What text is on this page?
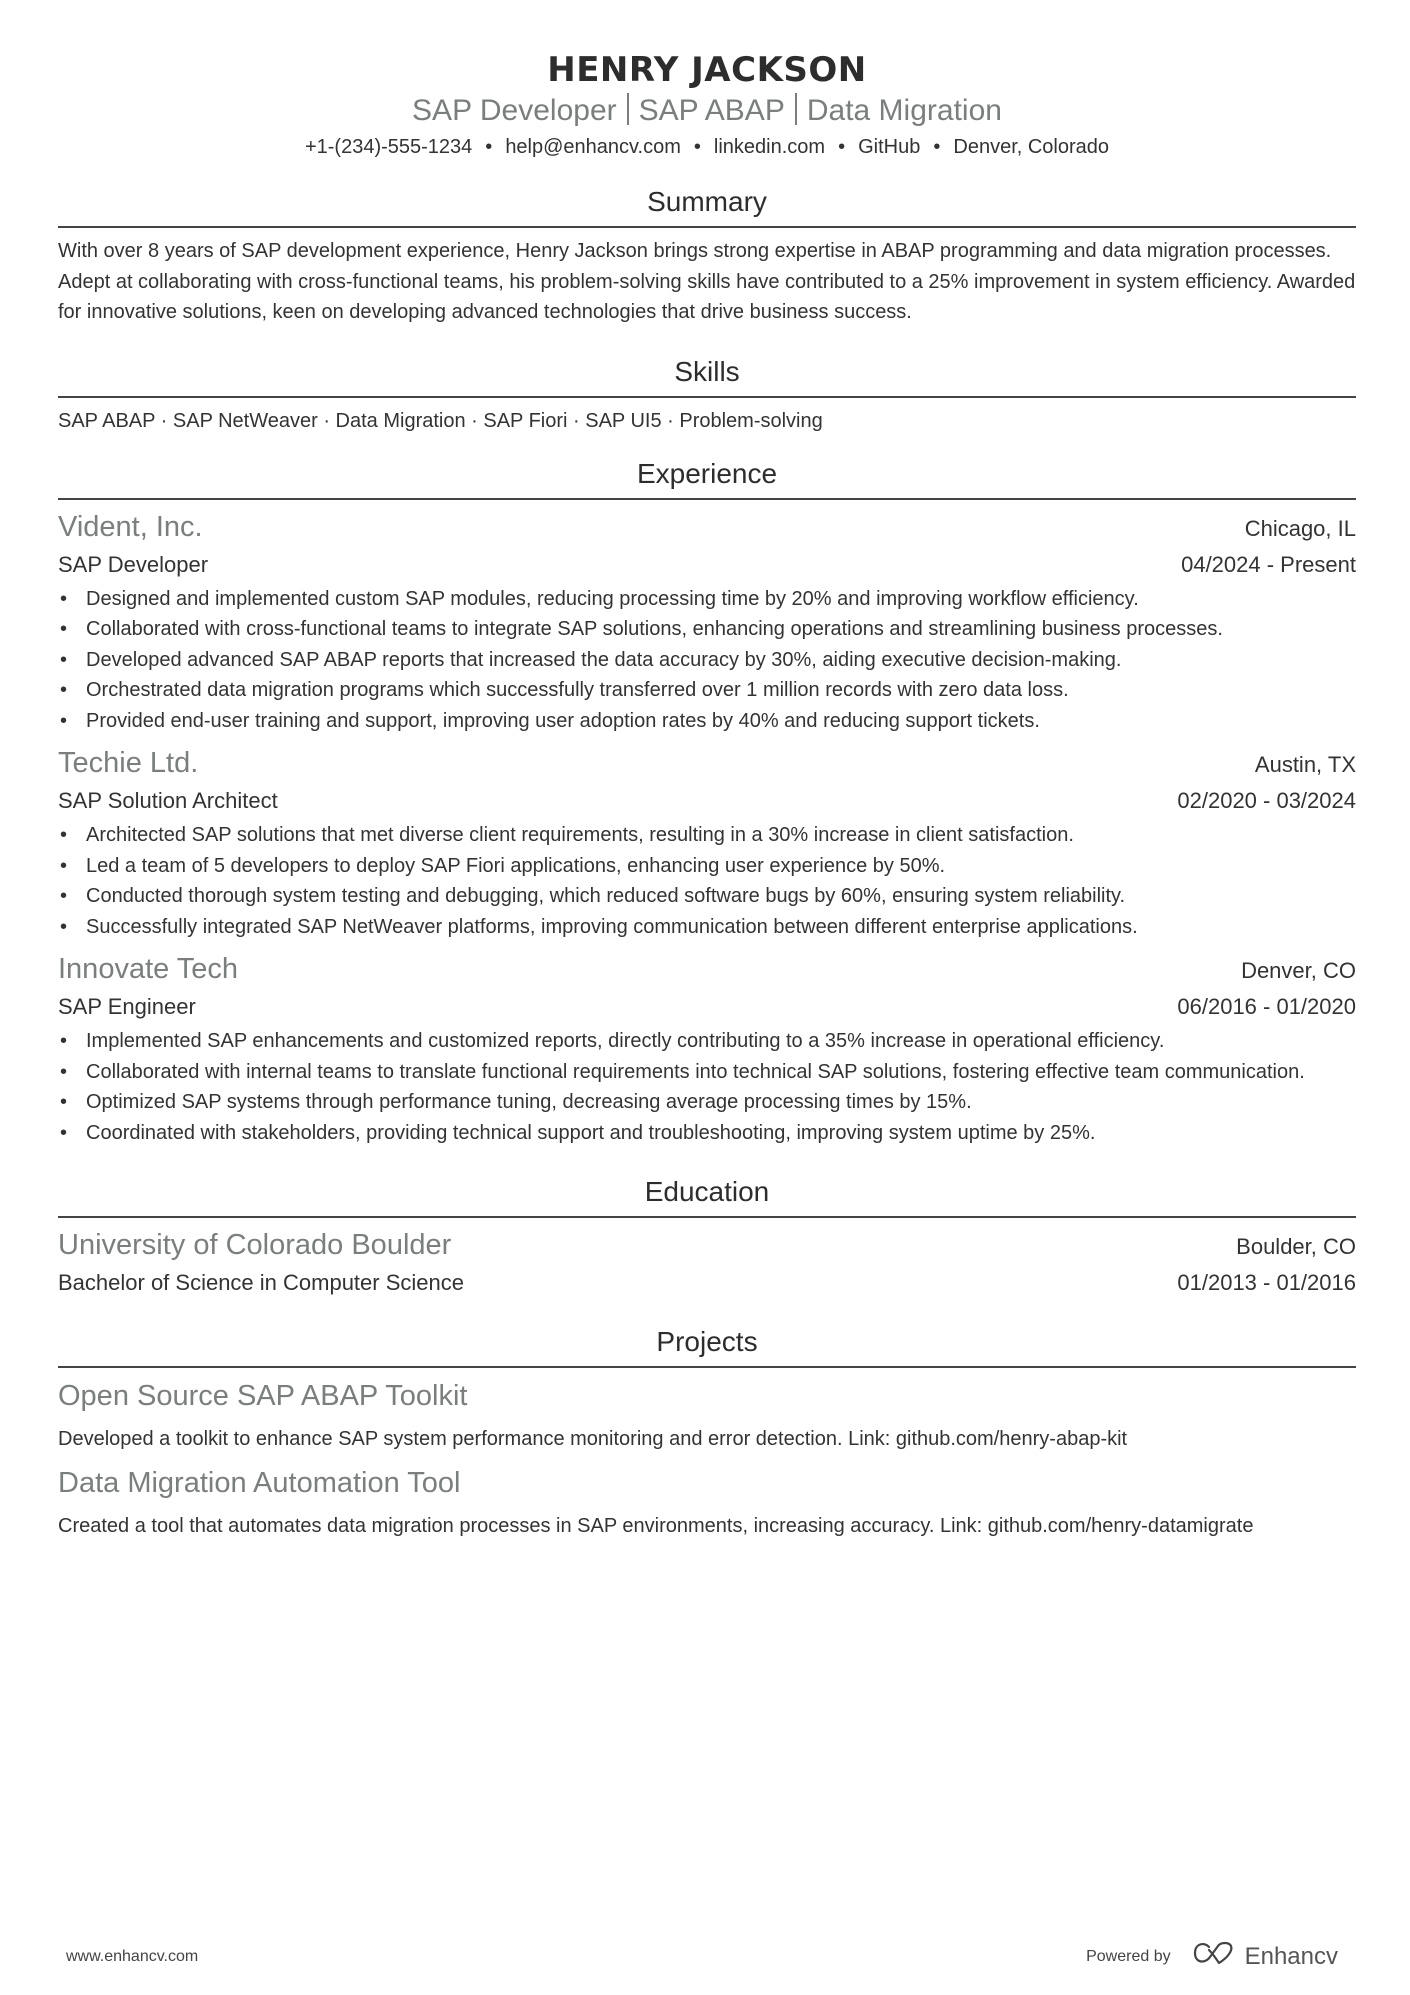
HENRY JACKSON
SAP Developer SAP ABAP Data Migration
+1-(234)-555-1234 • help@enhancv.com • linkedin.com • GitHub • Denver, Colorado
Summary
With over 8 years of SAP development experience, Henry Jackson brings strong expertise in ABAP programming and data migration processes. Adept at collaborating with cross-functional teams, his problem-solving skills have contributed to a 25% improvement in system efficiency. Awarded for innovative solutions, keen on developing advanced technologies that drive business success.
Skills
SAP ABAP · SAP NetWeaver · Data Migration · SAP Fiori · SAP UI5 · Problem-solving
Experience
Vident, Inc.	Chicago, IL
SAP Developer	04/2024 - Present
• Designed and implemented custom SAP modules, reducing processing time by 20% and improving workflow efficiency.
• Collaborated with cross-functional teams to integrate SAP solutions, enhancing operations and streamlining business processes.
• Developed advanced SAP ABAP reports that increased the data accuracy by 30%, aiding executive decision-making.
• Orchestrated data migration programs which successfully transferred over 1 million records with zero data loss.
• Provided end-user training and support, improving user adoption rates by 40% and reducing support tickets.
Techie Ltd.	Austin, TX
SAP Solution Architect	02/2020 - 03/2024
• Architected SAP solutions that met diverse client requirements, resulting in a 30% increase in client satisfaction.
• Led a team of 5 developers to deploy SAP Fiori applications, enhancing user experience by 50%.
• Conducted thorough system testing and debugging, which reduced software bugs by 60%, ensuring system reliability.
• Successfully integrated SAP NetWeaver platforms, improving communication between different enterprise applications.
Innovate Tech	Denver, CO
SAP Engineer	06/2016 - 01/2020
• Implemented SAP enhancements and customized reports, directly contributing to a 35% increase in operational efficiency.
• Collaborated with internal teams to translate functional requirements into technical SAP solutions, fostering effective team communication.
• Optimized SAP systems through performance tuning, decreasing average processing times by 15%.
• Coordinated with stakeholders, providing technical support and troubleshooting, improving system uptime by 25%.
Education
University of Colorado Boulder	Boulder, CO
Bachelor of Science in Computer Science	01/2013 - 01/2016
Projects
Open Source SAP ABAP Toolkit
Developed a toolkit to enhance SAP system performance monitoring and error detection. Link: github.com/henry-abap-kit
Data Migration Automation Tool
Created a tool that automates data migration processes in SAP environments, increasing accuracy. Link: github.com/henry-datamigrate
www.enhancv.com	Powered by	Enhancv
